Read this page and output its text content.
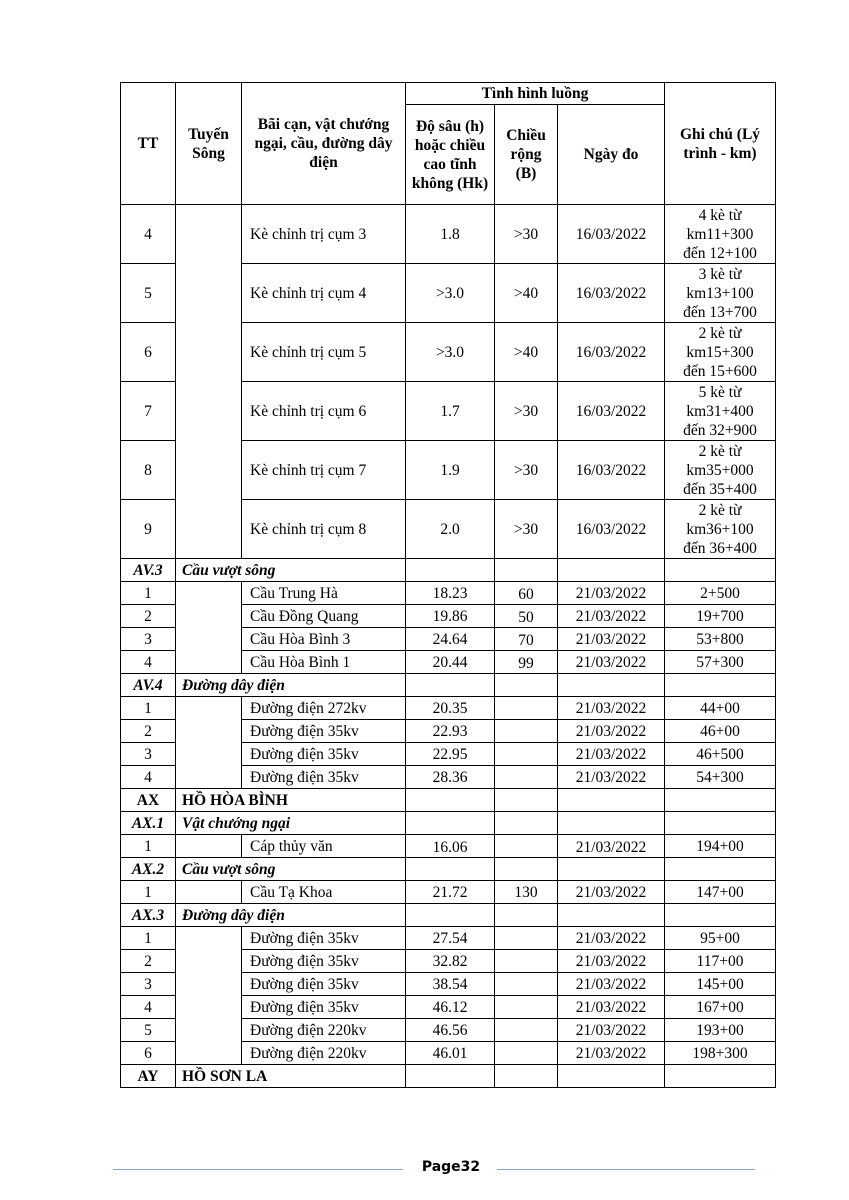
TT	Tuyến Sông	Bãi cạn, vật chướng ngại, cầu, đường dây điện	Tình hình luồng			Ghi chú (Lý trình - km)
			Độ sâu (h) hoặc chiều cao tĩnh không (Hk)	Chiều rộng (B)	Ngày đo	
4		Kè chỉnh trị cụm 3	1.8	>30	16/03/2022	4 kè từ
km11+300
đến 12+100

5		Kè chỉnh trị cụm 4	>3.0	>40	16/03/2022	3 kè từ
km13+100
đến 13+700

6		Kè chỉnh trị cụm 5	>3.0	>40	16/03/2022	2 kè từ
km15+300
đến 15+600

7		Kè chỉnh trị cụm 6	1.7	>30	16/03/2022	5 kè từ
km31+400
đến 32+900

8		Kè chỉnh trị cụm 7	1.9	>30	16/03/2022	2 kè từ
km35+000
đến 35+400

9		Kè chỉnh trị cụm 8	2.0	>30	16/03/2022	2 kè từ
km36+100
đến 36+400

AV.3	Cầu vượt sông					
1		Cầu Trung Hà	18.23	60	21/03/2022	2+500
2		Cầu Đồng Quang	19.86	50	21/03/2022	19+700
3		Cầu Hòa Bình 3	24.64	70	21/03/2022	53+800
4		Cầu Hòa Bình 1	20.44	99	21/03/2022	57+300
AV.4	Đường dây điện					
1		Đường điện 272kv	20.35		21/03/2022	44+00
2		Đường điện 35kv	22.93		21/03/2022	46+00
3		Đường điện 35kv	22.95		21/03/2022	46+500
4		Đường điện 35kv	28.36		21/03/2022	54+300
AX	HỒ HÒA BÌNH					
AX.1	Vật chướng ngại					
1		Cáp thủy văn	16.06		21/03/2022	194+00
AX.2	Cầu vượt sông					
1		Cầu Tạ Khoa	21.72	130	21/03/2022	147+00
AX.3	Đường dây điện					
1		Đường điện 35kv	27.54		21/03/2022	95+00
2		Đường điện 35kv	32.82		21/03/2022	117+00
3		Đường điện 35kv	38.54		21/03/2022	145+00
4		Đường điện 35kv	46.12		21/03/2022	167+00
5		Đường điện 220kv	46.56		21/03/2022	193+00
6		Đường điện 220kv	46.01		21/03/2022	198+300
AY	HỒ SƠN LA					
Page32
